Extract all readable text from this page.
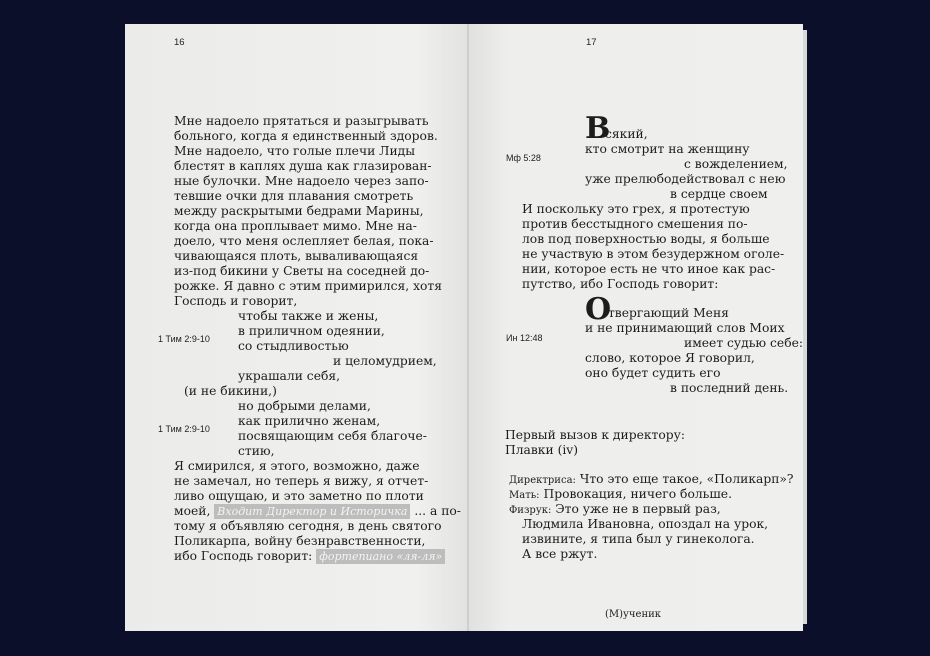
16
Мне надоело прятаться и разыгрывать
больного, когда я единственный здоров.
Мне надоело, что голые плечи Лиды
блестят в каплях душа как глазирован-
ные булочки. Мне надоело через запо-
тевшие очки для плавания смотреть
между раскрытыми бедрами Марины,
когда она проплывает мимо. Мне на-
доело, что меня ослепляет белая, пока-
чивающаяся плоть, вываливающаяся
из-под бикини у Светы на соседней до-
рожке. Я давно с этим примирился, хотя
Господь и говорит,
чтобы также и жены,
в приличном одеянии,
1 Тим 2:9-10 со стыдливостью
и целомудрием,
украшали себя,
(и не бикини,)
но добрыми делами,
как прилично женам,
1 Тим 2:9-10 посвящающим себя благоче-
стию,
Я смирился, я этого, возможно, даже
не замечал, но теперь я вижу, я отчет-
ливо ощущаю, и это заметно по плоти
моей, Входит Директор и Историчка ... а по-
тому я объявляю сегодня, в день святого
Поликарпа, войну безнравственности,
ибо Господь говорит: фортепиано «ля-ля»
17
В
сякий,
кто смотрит на женщину
Мф 5:28	с вожделением,
уже прелюбодействовал с нею
в сердце своем
И поскольку это грех, я протестую
против бесстыдного смешения по-
лов под поверхностью воды, я больше
не участвую в этом безудержном оголе-
нии, которое есть не что иное как рас-
путство, ибо Господь говорит:
О
твергающий Меня
и не принимающий слов Моих
Ин 12:48	имеет судью себе:
слово, которое Я говорил,
оно будет судить его
в последний день.
Первый вызов к директору:
Плавки (iv)
Директриса: Что это еще такое, «Поликарп»?
Мать: Провокация, ничего больше.
Физрук: Это уже не в первый раз,
Людмила Ивановна, опоздал на урок,
извините, я типа был у гинеколога.
А все ржут.
(М)ученик
